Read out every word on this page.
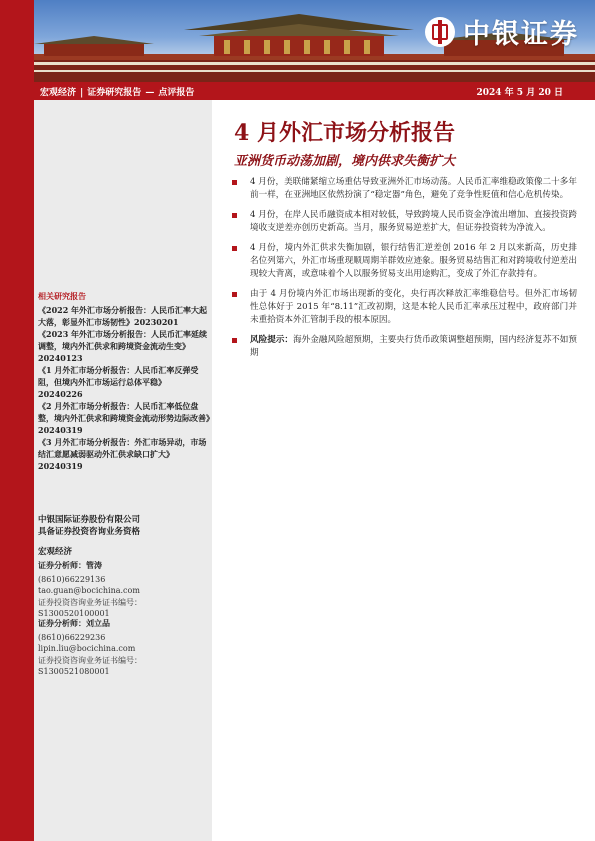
中银证券
宏观经济 | 证券研究报告 — 点评报告	2024 年 5 月 20 日
相关研究报告

《2022 年外汇市场分析报告：人民币汇率大起大落，彰显外汇市场韧性》20230201

《2023 年外汇市场分析报告：人民币汇率延续调整，境内外汇供求和跨境资金流动生变》20240123

《1 月外汇市场分析报告：人民币汇率反弹受阻，但境内外汇市场运行总体平稳》20240226

《2 月外汇市场分析报告：人民币汇率低位盘整，境内外汇供求和跨境资金流动形势边际改善》20240319

《3 月外汇市场分析报告：外汇市场异动，市场结汇意愿减弱驱动外汇供求缺口扩大》20240319

中银国际证券股份有限公司
具备证券投资咨询业务资格
宏观经济
证券分析师：管涛
(8610)66229136
tao.guan@bocichina.com
证券投资咨询业务证书编号：S1300520100001
证券分析师：刘立品
(8610)66229236
lipin.liu@bocichina.com
证券投资咨询业务证书编号：S1300521080001
4 月外汇市场分析报告
亚洲货币动荡加剧，境内供求失衡扩大
4 月份，美联储紧缩立场重估导致亚洲外汇市场动荡。人民币汇率维稳政策像二十多年前一样，在亚洲地区依然扮演了“稳定器”角色，避免了竞争性贬值和信心危机传染。
4 月份，在岸人民币融资成本相对较低，导致跨境人民币资金净流出增加、直接投资跨境收支逆差亦创历史新高。当月，服务贸易逆差扩大，但证券投资转为净流入。
4 月份，境内外汇供求失衡加剧，银行结售汇逆差创 2016 年 2 月以来新高，历史排名位列第六，外汇市场重现顺周期羊群效应迹象。服务贸易结售汇和对跨境收付逆差出现较大背离，或意味着个人以服务贸易支出用途购汇，变成了外汇存款持有。
由于 4 月份境内外汇市场出现新的变化，央行再次释放汇率维稳信号。但外汇市场韧性总体好于 2015 年“8.11”汇改初期，这是本轮人民币汇率承压过程中，政府部门并未重拾资本外汇管制手段的根本原因。
风险提示：海外金融风险超预期，主要央行货币政策调整超预期，国内经济复苏不如预期
